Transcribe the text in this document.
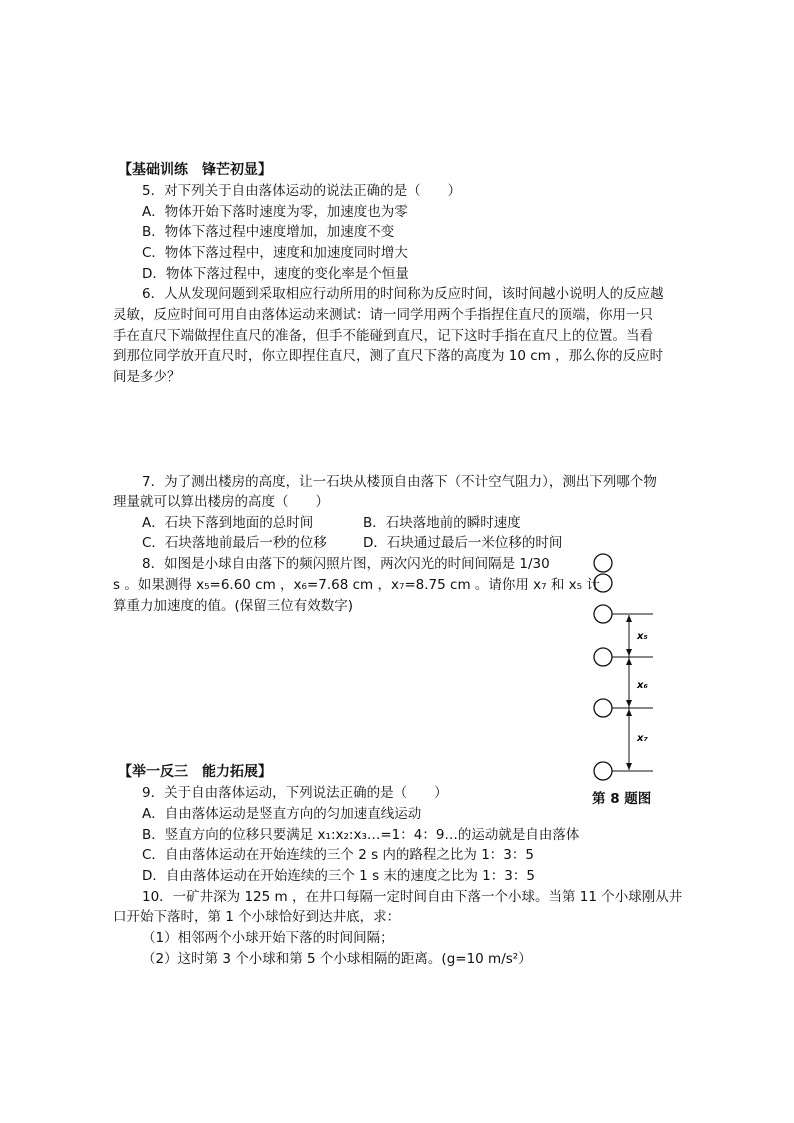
【基础训练　锋芒初显】
5．对下列关于自由落体运动的说法正确的是（　　）
A．物体开始下落时速度为零，加速度也为零
B．物体下落过程中速度增加，加速度不变
C．物体下落过程中，速度和加速度同时增大
D．物体下落过程中，速度的变化率是个恒量
6．人从发现问题到采取相应行动所用的时间称为反应时间，该时间越小说明人的反应越
灵敏，反应时间可用自由落体运动来测试：请一同学用两个手指捏住直尺的顶端，你用一只
手在直尺下端做捏住直尺的准备，但手不能碰到直尺，记下这时手指在直尺上的位置。当看
到那位同学放开直尺时，你立即捏住直尺，测了直尺下落的高度为 10 cm ，那么你的反应时
间是多少？
7．为了测出楼房的高度，让一石块从楼顶自由落下（不计空气阻力），测出下列哪个物
理量就可以算出楼房的高度（　　）
A．石块下落到地面的总时间	B．石块落地前的瞬时速度
C．石块落地前最后一秒的位移	D．石块通过最后一米位移的时间
8．如图是小球自由落下的频闪照片图，两次闪光的时间间隔是 1/30
s 。如果测得 x₅=6.60 cm ，x₆=7.68 cm ，x₇=8.75 cm 。请你用 x₇ 和 x₅ 计
算重力加速度的值。(保留三位有效数字)
x₅
x₆
x₇
第 8 题图
【举一反三　能力拓展】
9．关于自由落体运动，下列说法正确的是（　　）
A．自由落体运动是竖直方向的匀加速直线运动
B．竖直方向的位移只要满足 x₁:x₂:x₃…=1：4：9…的运动就是自由落体
C．自由落体运动在开始连续的三个 2 s 内的路程之比为 1：3：5
D．自由落体运动在开始连续的三个 1 s 末的速度之比为 1：3：5
10．一矿井深为 125 m ，在井口每隔一定时间自由下落一个小球。当第 11 个小球刚从井
口开始下落时，第 1 个小球恰好到达井底，求：
（1）相邻两个小球开始下落的时间间隔；
（2）这时第 3 个小球和第 5 个小球相隔的距离。(g=10 m/s²）
